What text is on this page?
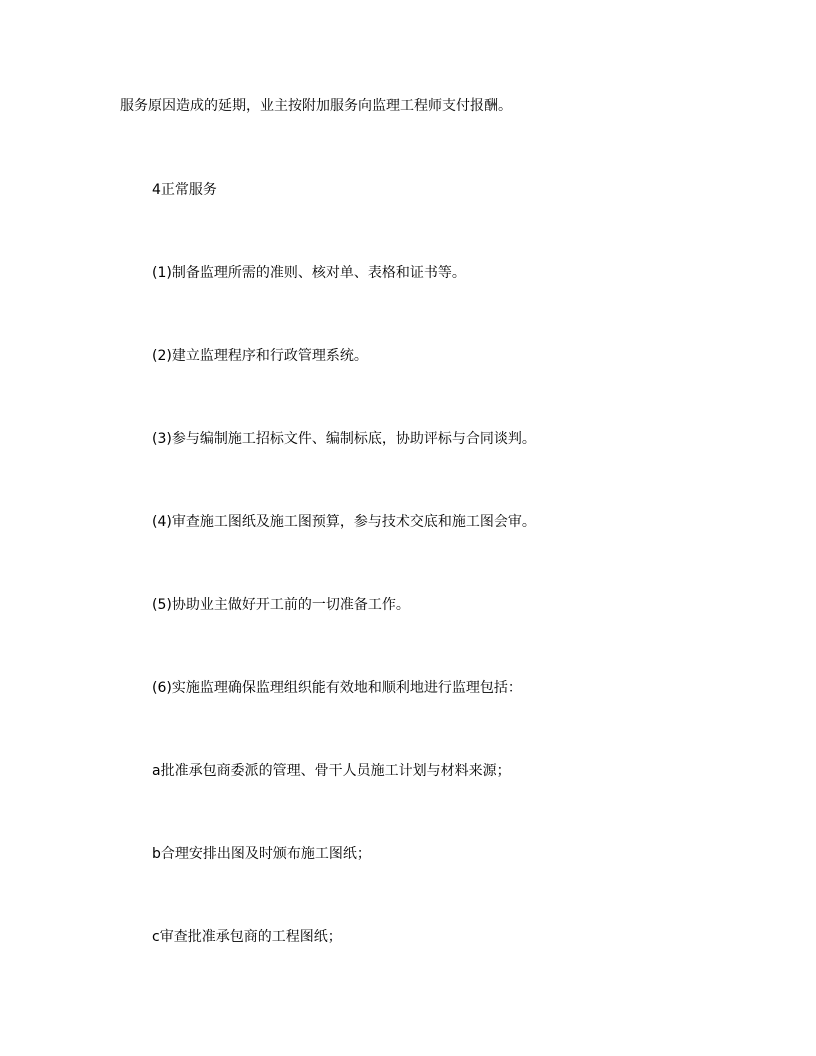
服务原因造成的延期，业主按附加服务向监理工程师支付报酬。

4正常服务

(1)制备监理所需的准则、核对单、表格和证书等。

(2)建立监理程序和行政管理系统。

(3)参与编制施工招标文件、编制标底，协助评标与合同谈判。

(4)审查施工图纸及施工图预算，参与技术交底和施工图会审。

(5)协助业主做好开工前的一切准备工作。

(6)实施监理确保监理组织能有效地和顺利地进行监理包括：

a批准承包商委派的管理、骨干人员施工计划与材料来源；

b合理安排出图及时颁布施工图纸；

c审查批准承包商的工程图纸；
